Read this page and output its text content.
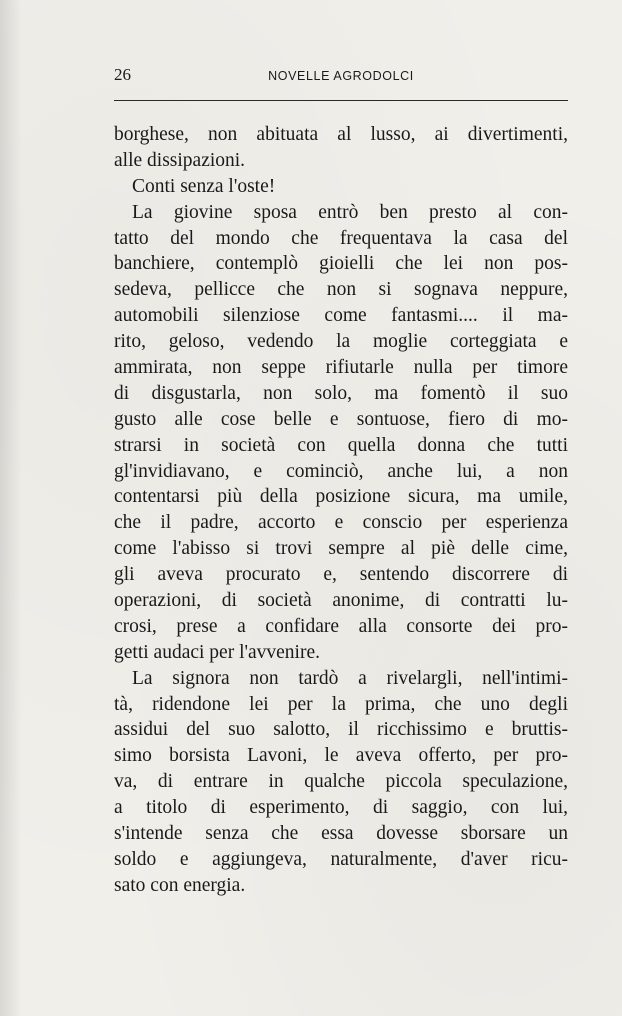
26	NOVELLE AGRODOLCI
borghese, non abituata al lusso, ai divertimenti,
alle dissipazioni.
Conti senza l'oste!
La giovine sposa entrò ben presto al con-
tatto del mondo che frequentava la casa del
banchiere, contemplò gioielli che lei non pos-
sedeva, pellicce che non si sognava neppure,
automobili silenziose come fantasmi.... il ma-
rito, geloso, vedendo la moglie corteggiata e
ammirata, non seppe rifiutarle nulla per timore
di disgustarla, non solo, ma fomentò il suo
gusto alle cose belle e sontuose, fiero di mo-
strarsi in società con quella donna che tutti
gl'invidiavano, e cominciò, anche lui, a non
contentarsi più della posizione sicura, ma umile,
che il padre, accorto e conscio per esperienza
come l'abisso si trovi sempre al piè delle cime,
gli aveva procurato e, sentendo discorrere di
operazioni, di società anonime, di contratti lu-
crosi, prese a confidare alla consorte dei pro-
getti audaci per l'avvenire.
La signora non tardò a rivelargli, nell'intimi-
tà, ridendone lei per la prima, che uno degli
assidui del suo salotto, il ricchissimo e bruttis-
simo borsista Lavoni, le aveva offerto, per pro-
va, di entrare in qualche piccola speculazione,
a titolo di esperimento, di saggio, con lui,
s'intende senza che essa dovesse sborsare un
soldo e aggiungeva, naturalmente, d'aver ricu-
sato con energia.
